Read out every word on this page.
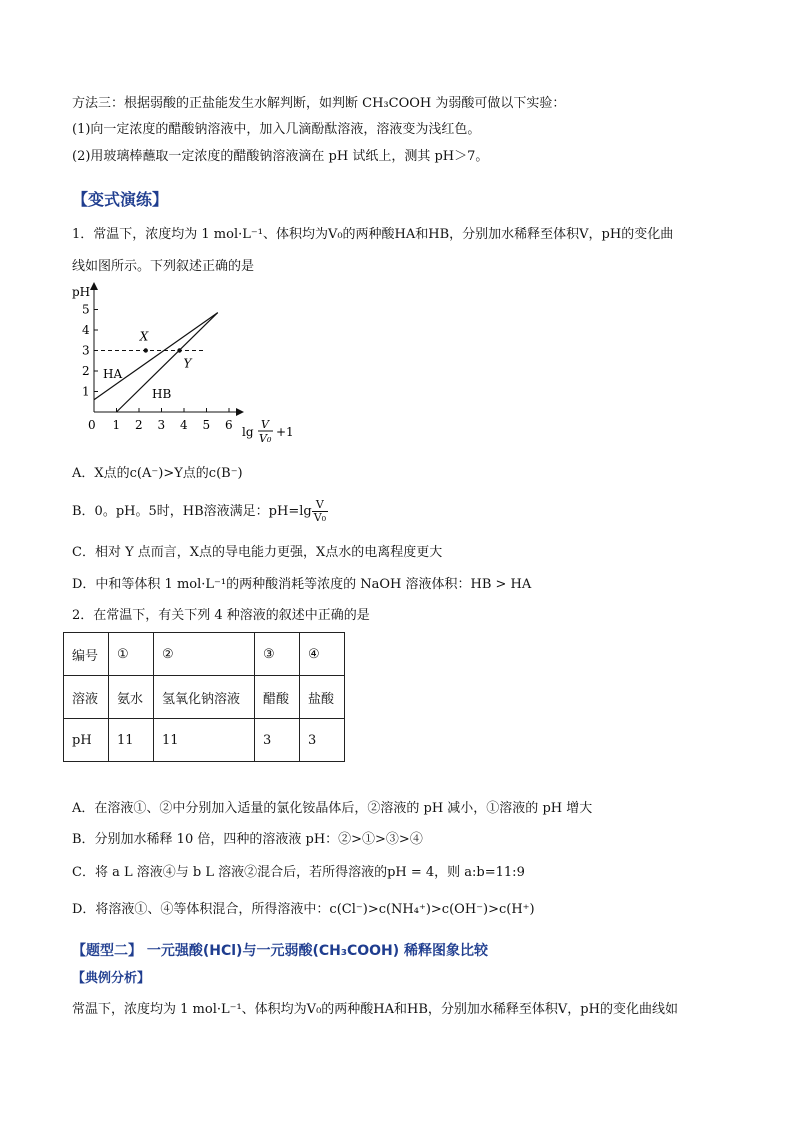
方法三：根据弱酸的正盐能发生水解判断，如判断 CH₃COOH 为弱酸可做以下实验：
(1)向一定浓度的醋酸钠溶液中，加入几滴酚酞溶液，溶液变为浅红色。
(2)用玻璃棒蘸取一定浓度的醋酸钠溶液滴在 pH 试纸上，测其 pH＞7。
【变式演练】
1．常温下，浓度均为 1 mol·L⁻¹、体积均为V₀的两种酸HA和HB，分别加水稀释至体积V，pH的变化曲
线如图所示。下列叙述正确的是
pH
1
2
3
4
5
0 1 2 3 4 5 6
X
Y
HA
HB
lg
V
V₀ +1
A．X点的c(A⁻)>Y点的c(B⁻)
B．0。pH。5时，HB溶液满足：$pH=\lg \frac{V}{\text{V₀}}$
C．相对 Y 点而言，X点的导电能力更强，X点水的电离程度更大
D．中和等体积 1 mol·L⁻¹的两种酸消耗等浓度的 NaOH 溶液体积：HB > HA
2．在常温下，有关下列 4 种溶液的叙述中正确的是
编号	①	②	③	④
溶液	氨水	氢氧化钠溶液	醋酸	盐酸
pH	11	11	3	3
A．在溶液①、②中分别加入适量的氯化铵晶体后，②溶液的 pH 减小，①溶液的 pH 增大
B．分别加水稀释 10 倍，四种的溶液液 pH：②>①>③>④
C．将 a L 溶液④与 b L 溶液②混合后，若所得溶液的pH = 4，则 a:b=11:9
D．将溶液①、④等体积混合，所得溶液中：c(Cl⁻)>c(NH₄⁺)>c(OH⁻)>c(H⁺)
【题型二】 一元强酸(HCl)与一元弱酸(CH₃COOH) 稀释图象比较
【典例分析】
常温下，浓度均为 1 mol·L⁻¹、体积均为V₀的两种酸HA和HB，分别加水稀释至体积V，pH的变化曲线如
